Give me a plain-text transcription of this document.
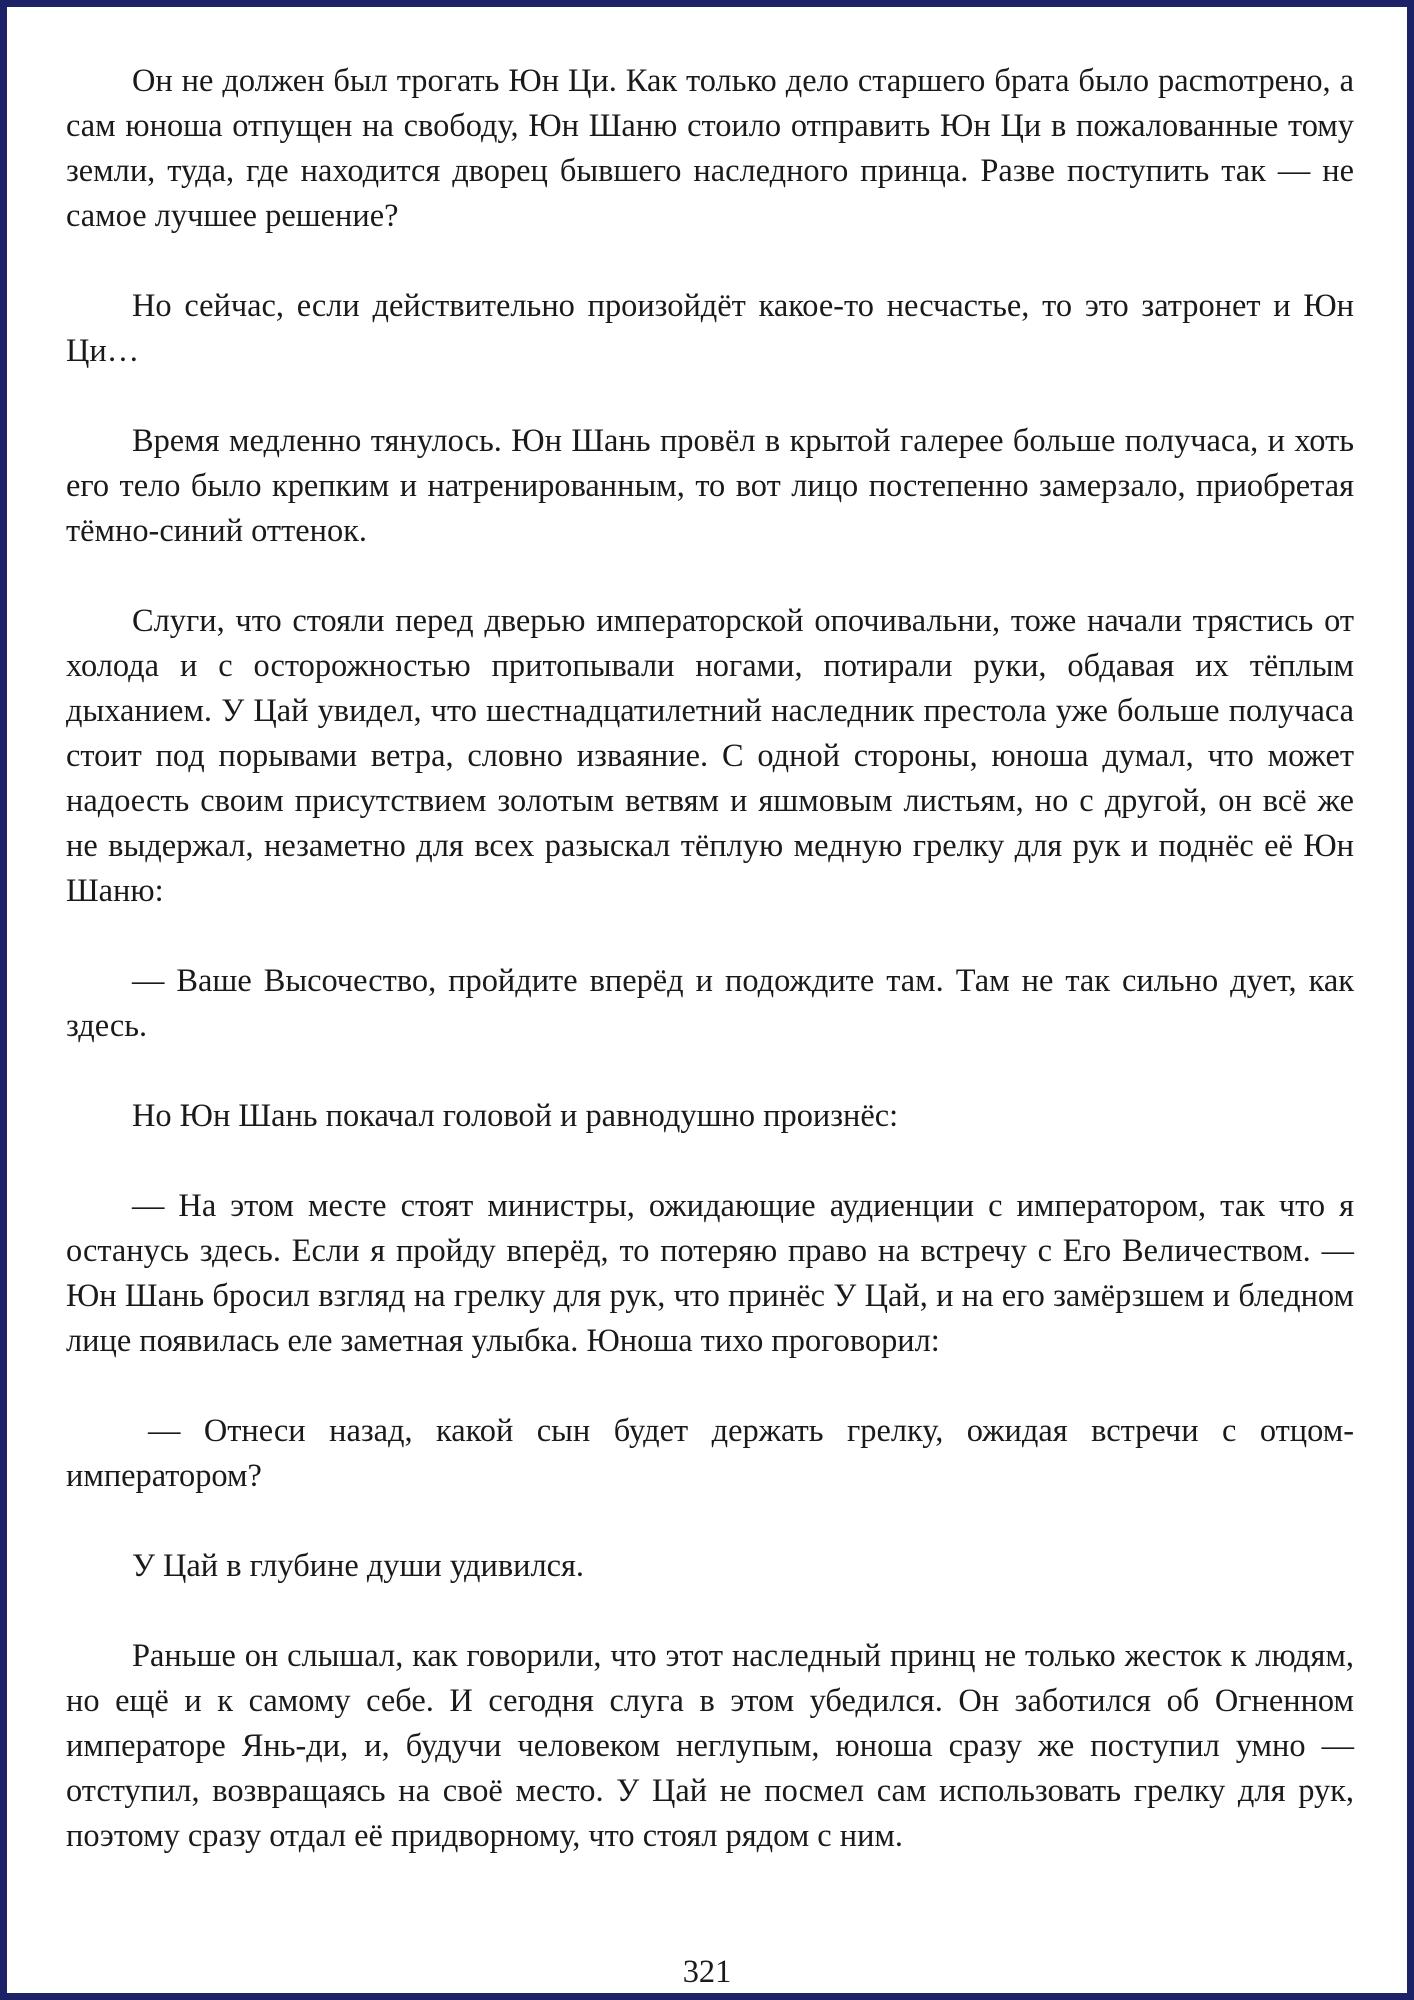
Он не должен был трогать Юн Ци. Как только дело старшего брата было расmотрено, а сам юноша отпущен на свободу, Юн Шаню стоило отправить Юн Ци в пожалованные тому земли, туда, где находится дворец бывшего наследного принца. Разве поступить так — не самое лучшее решение?

Но сейчас, если действительно произойдёт какое-то несчастье, то это затронет и Юн Ци…

Время медленно тянулось. Юн Шань провёл в крытой галерее больше получаса, и хоть его тело было крепким и натренированным, то вот лицо постепенно замерзало, приобретая тёмно-синий оттенок.

Слуги, что стояли перед дверью императорской опочивальни, тоже начали трястись от холода и с осторожностью притопывали ногами, потирали руки, обдавая их тёплым дыханием. У Цай увидел, что шестнадцатилетний наследник престола уже больше получаса стоит под порывами ветра, словно изваяние. С одной стороны, юноша думал, что может надоесть своим присутствием золотым ветвям и яшмовым листьям, но с другой, он всё же не выдержал, незаметно для всех разыскал тёплую медную грелку для рук и поднёс её Юн Шаню:

— Ваше Высочество, пройдите вперёд и подождите там. Там не так сильно дует, как здесь.

Но Юн Шань покачал головой и равнодушно произнёс:

— На этом месте стоят министры, ожидающие аудиенции с императором, так что я останусь здесь. Если я пройду вперёд, то потеряю право на встречу с Его Величеством. — Юн Шань бросил взгляд на грелку для рук, что принёс У Цай, и на его замёрзшем и бледном лице появилась еле заметная улыбка. Юноша тихо проговорил:

— Отнеси назад, какой сын будет держать грелку, ожидая встречи с отцом-императором?

У Цай в глубине души удивился.

Раньше он слышал, как говорили, что этот наследный принц не только жесток к людям, но ещё и к самому себе. И сегодня слуга в этом убедился. Он заботился об Огненном императоре Янь-ди, и, будучи человеком неглупым, юноша сразу же поступил умно — отступил, возвращаясь на своё место. У Цай не посмел сам использовать грелку для рук, поэтому сразу отдал её придворному, что стоял рядом с ним.

321
